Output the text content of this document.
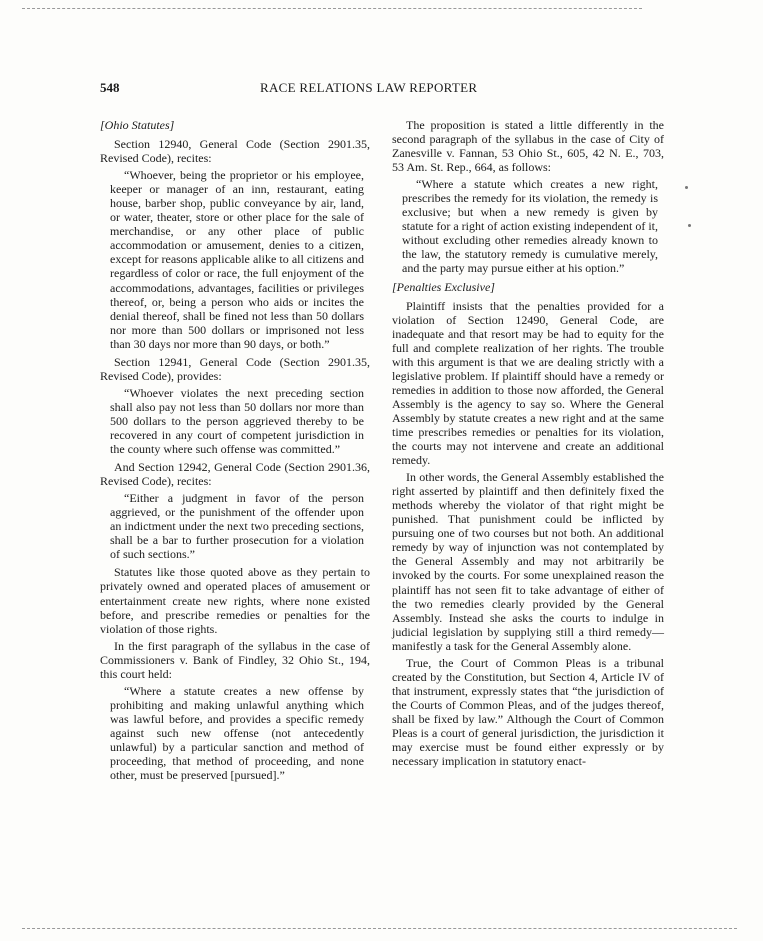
548	RACE RELATIONS LAW REPORTER

[Ohio Statutes]

Section 12940, General Code (Section 2901.35, Revised Code), recites:

“Whoever, being the proprietor or his employee, keeper or manager of an inn, restaurant, eating house, barber shop, public conveyance by air, land, or water, theater, store or other place for the sale of merchandise, or any other place of public accommodation or amusement, denies to a citizen, except for reasons applicable alike to all citizens and regardless of color or race, the full enjoyment of the accommodations, advantages, facilities or privileges thereof, or, being a person who aids or incites the denial thereof, shall be fined not less than 50 dollars nor more than 500 dollars or imprisoned not less than 30 days nor more than 90 days, or both.”

Section 12941, General Code (Section 2901.35, Revised Code), provides:

“Whoever violates the next preceding section shall also pay not less than 50 dollars nor more than 500 dollars to the person aggrieved thereby to be recovered in any court of competent jurisdiction in the county where such offense was committed.”

And Section 12942, General Code (Section 2901.36, Revised Code), recites:

“Either a judgment in favor of the person aggrieved, or the punishment of the offender upon an indictment under the next two preceding sections, shall be a bar to further prosecution for a violation of such sections.”

Statutes like those quoted above as they pertain to privately owned and operated places of amusement or entertainment create new rights, where none existed before, and prescribe remedies or penalties for the violation of those rights.

In the first paragraph of the syllabus in the case of Commissioners v. Bank of Findley, 32 Ohio St., 194, this court held:

“Where a statute creates a new offense by prohibiting and making unlawful anything which was lawful before, and provides a specific remedy against such new offense (not antecedently unlawful) by a particular sanction and method of proceeding, that method of proceeding, and none other, must be preserved [pursued].”

The proposition is stated a little differently in the second paragraph of the syllabus in the case of City of Zanesville v. Fannan, 53 Ohio St., 605, 42 N. E., 703, 53 Am. St. Rep., 664, as follows:

“Where a statute which creates a new right, prescribes the remedy for its violation, the remedy is exclusive; but when a new remedy is given by statute for a right of action existing independent of it, without excluding other remedies already known to the law, the statutory remedy is cumulative merely, and the party may pursue either at his option.”

[Penalties Exclusive]

Plaintiff insists that the penalties provided for a violation of Section 12490, General Code, are inadequate and that resort may be had to equity for the full and complete realization of her rights. The trouble with this argument is that we are dealing strictly with a legislative problem. If plaintiff should have a remedy or remedies in addition to those now afforded, the General Assembly is the agency to say so. Where the General Assembly by statute creates a new right and at the same time prescribes remedies or penalties for its violation, the courts may not intervene and create an additional remedy.

In other words, the General Assembly established the right asserted by plaintiff and then definitely fixed the methods whereby the violator of that right might be punished. That punishment could be inflicted by pursuing one of two courses but not both. An additional remedy by way of injunction was not contemplated by the General Assembly and may not arbitrarily be invoked by the courts. For some unexplained reason the plaintiff has not seen fit to take advantage of either of the two remedies clearly provided by the General Assembly. Instead she asks the courts to indulge in judicial legislation by supplying still a third remedy—manifestly a task for the General Assembly alone.

True, the Court of Common Pleas is a tribunal created by the Constitution, but Section 4, Article IV of that instrument, expressly states that “the jurisdiction of the Courts of Common Pleas, and of the judges thereof, shall be fixed by law.” Although the Court of Common Pleas is a court of general jurisdiction, the jurisdiction it may exercise must be found either expressly or by necessary implication in statutory enact-
